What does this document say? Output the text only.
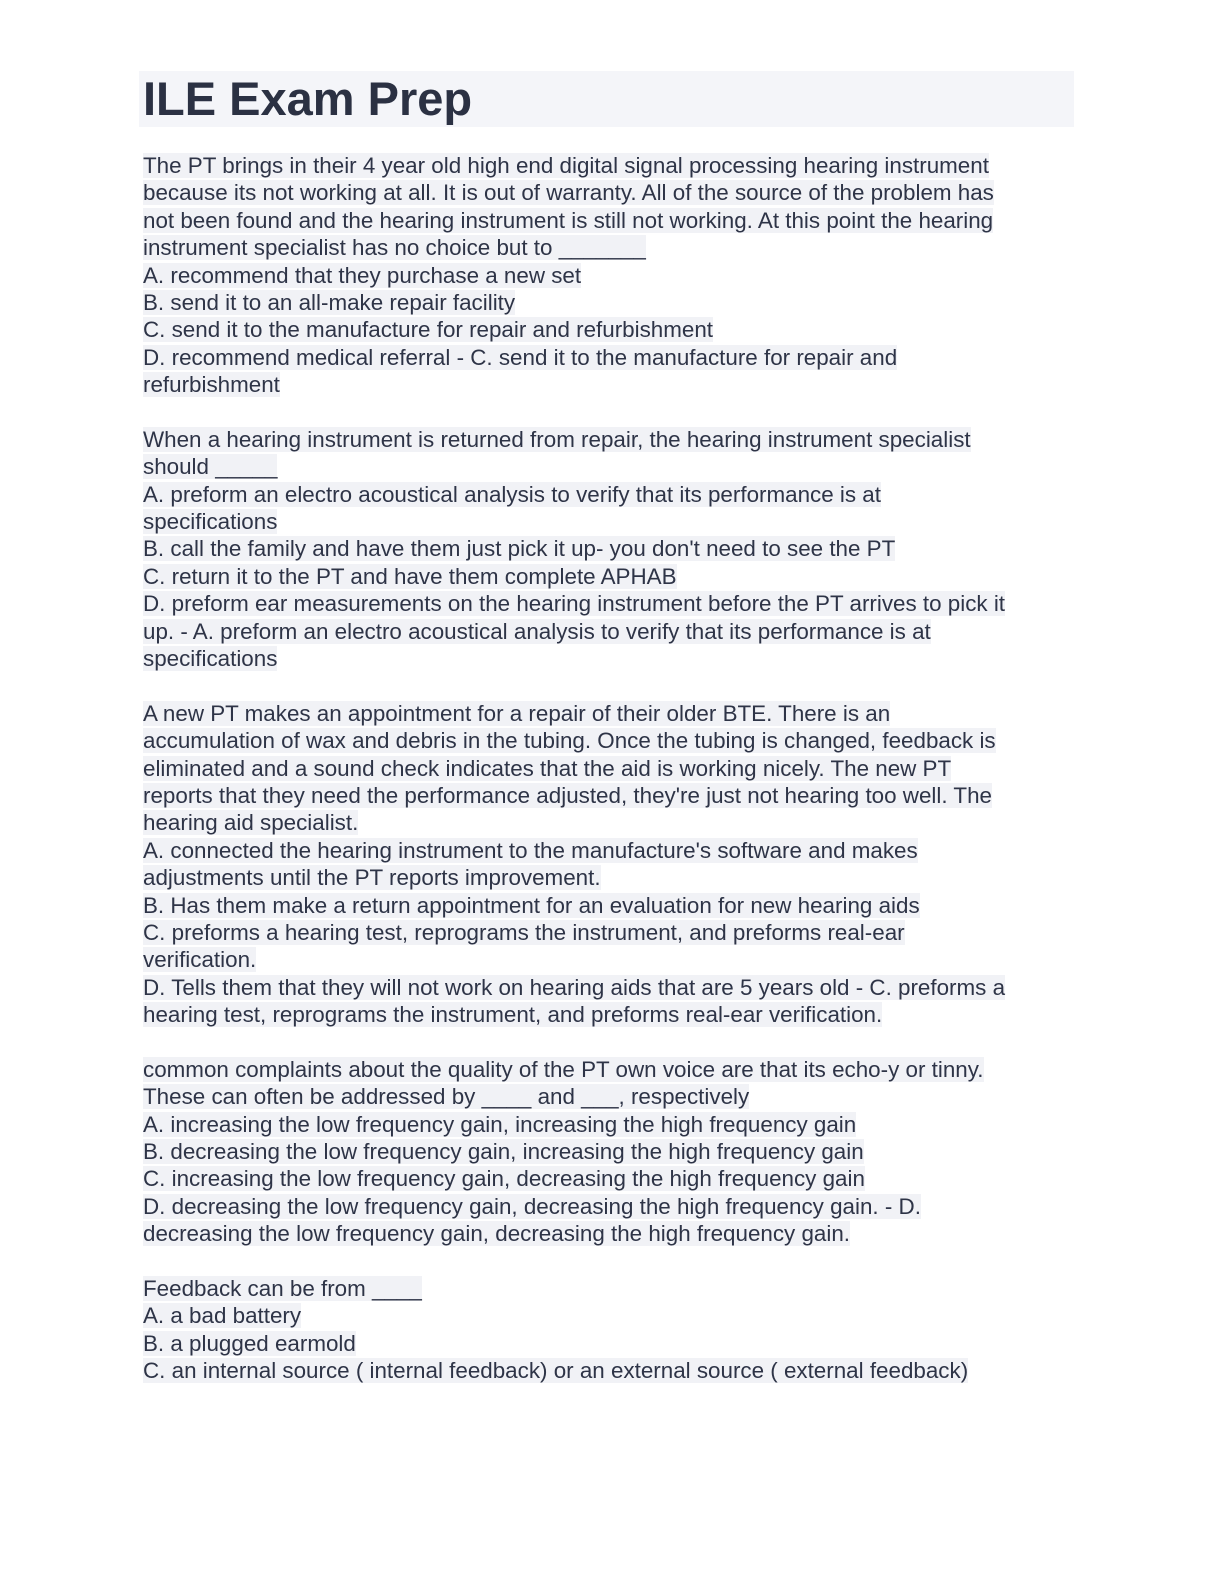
ILE Exam Prep
The PT brings in their 4 year old high end digital signal processing hearing instrument
because its not working at all. It is out of warranty. All of the source of the problem has
not been found and the hearing instrument is still not working. At this point the hearing
instrument specialist has no choice but to _______
A. recommend that they purchase a new set
B. send it to an all-make repair facility
C. send it to the manufacture for repair and refurbishment
D. recommend medical referral - C. send it to the manufacture for repair and
refurbishment
When a hearing instrument is returned from repair, the hearing instrument specialist
should _____
A. preform an electro acoustical analysis to verify that its performance is at
specifications
B. call the family and have them just pick it up- you don't need to see the PT
C. return it to the PT and have them complete APHAB
D. preform ear measurements on the hearing instrument before the PT arrives to pick it
up. - A. preform an electro acoustical analysis to verify that its performance is at
specifications
A new PT makes an appointment for a repair of their older BTE. There is an
accumulation of wax and debris in the tubing. Once the tubing is changed, feedback is
eliminated and a sound check indicates that the aid is working nicely. The new PT
reports that they need the performance adjusted, they're just not hearing too well. The
hearing aid specialist.
A. connected the hearing instrument to the manufacture's software and makes
adjustments until the PT reports improvement.
B. Has them make a return appointment for an evaluation for new hearing aids
C. preforms a hearing test, reprograms the instrument, and preforms real-ear
verification.
D. Tells them that they will not work on hearing aids that are 5 years old - C. preforms a
hearing test, reprograms the instrument, and preforms real-ear verification.
common complaints about the quality of the PT own voice are that its echo-y or tinny.
These can often be addressed by ____ and ___, respectively
A. increasing the low frequency gain, increasing the high frequency gain
B. decreasing the low frequency gain, increasing the high frequency gain
C. increasing the low frequency gain, decreasing the high frequency gain
D. decreasing the low frequency gain, decreasing the high frequency gain. - D.
decreasing the low frequency gain, decreasing the high frequency gain.
Feedback can be from ____
A. a bad battery
B. a plugged earmold
C. an internal source ( internal feedback) or an external source ( external feedback)
